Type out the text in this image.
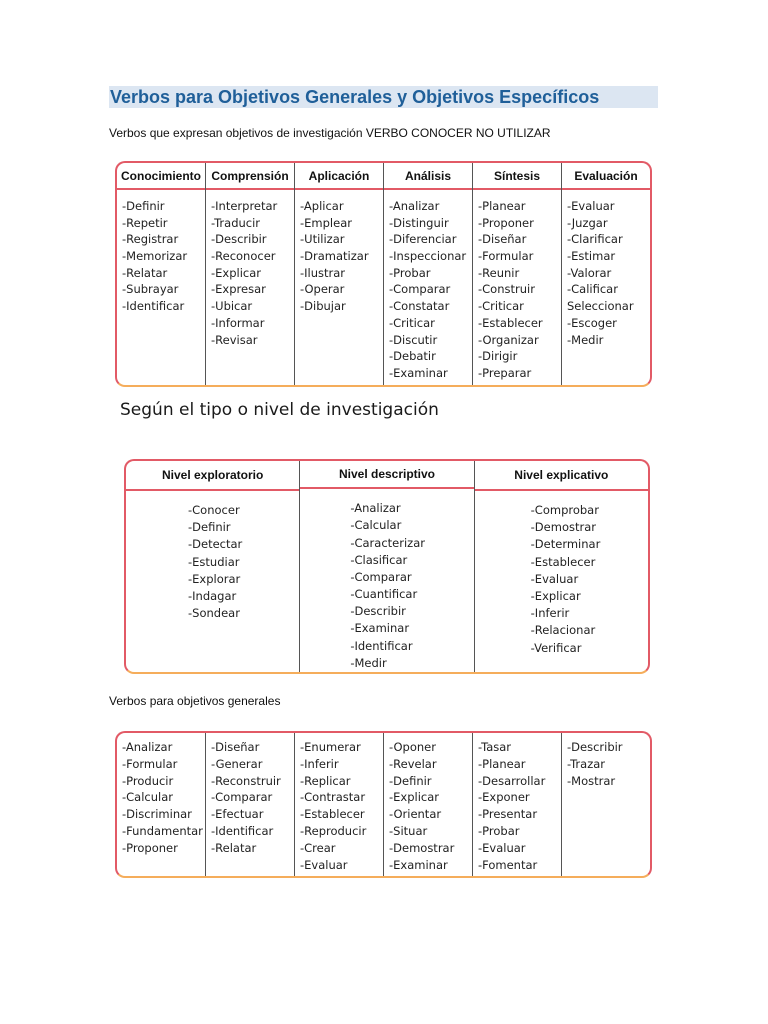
Verbos para Objetivos Generales y Objetivos Específicos
Verbos que expresan objetivos de investigación VERBO CONOCER NO UTILIZAR
Conocimiento
-Definir
-Repetir
-Registrar
-Memorizar
-Relatar
-Subrayar
-Identificar
Comprensión
-Interpretar
-Traducir
-Describir
-Reconocer
-Explicar
-Expresar
-Ubicar
-Informar
-Revisar
Aplicación
-Aplicar
-Emplear
-Utilizar
-Dramatizar
-Ilustrar
-Operar
-Dibujar
Análisis
-Analizar
-Distinguir
-Diferenciar
-Inspeccionar
-Probar
-Comparar
-Constatar
-Criticar
-Discutir
-Debatir
-Examinar
Síntesis
-Planear
-Proponer
-Diseñar
-Formular
-Reunir
-Construir
-Criticar
-Establecer
-Organizar
-Dirigir
-Preparar
Evaluación
-Evaluar
-Juzgar
-Clarificar
-Estimar
-Valorar
-Calificar
Seleccionar
-Escoger
-Medir
Según el tipo o nivel de investigación
Nivel exploratorio
-Conocer
-Definir
-Detectar
-Estudiar
-Explorar
-Indagar
-Sondear
Nivel descriptivo
-Analizar
-Calcular
-Caracterizar
-Clasificar
-Comparar
-Cuantificar
-Describir
-Examinar
-Identificar
-Medir
Nivel explicativo
-Comprobar
-Demostrar
-Determinar
-Establecer
-Evaluar
-Explicar
-Inferir
-Relacionar
-Verificar
Verbos para objetivos generales
-Analizar
-Formular
-Producir
-Calcular
-Discriminar
-Fundamentar
-Proponer
-Diseñar
-Generar
-Reconstruir
-Comparar
-Efectuar
-Identificar
-Relatar
-Enumerar
-Inferir
-Replicar
-Contrastar
-Establecer
-Reproducir
-Crear
-Evaluar
-Oponer
-Revelar
-Definir
-Explicar
-Orientar
-Situar
-Demostrar
-Examinar
-Tasar
-Planear
-Desarrollar
-Exponer
-Presentar
-Probar
-Evaluar
-Fomentar
-Describir
-Trazar
-Mostrar
